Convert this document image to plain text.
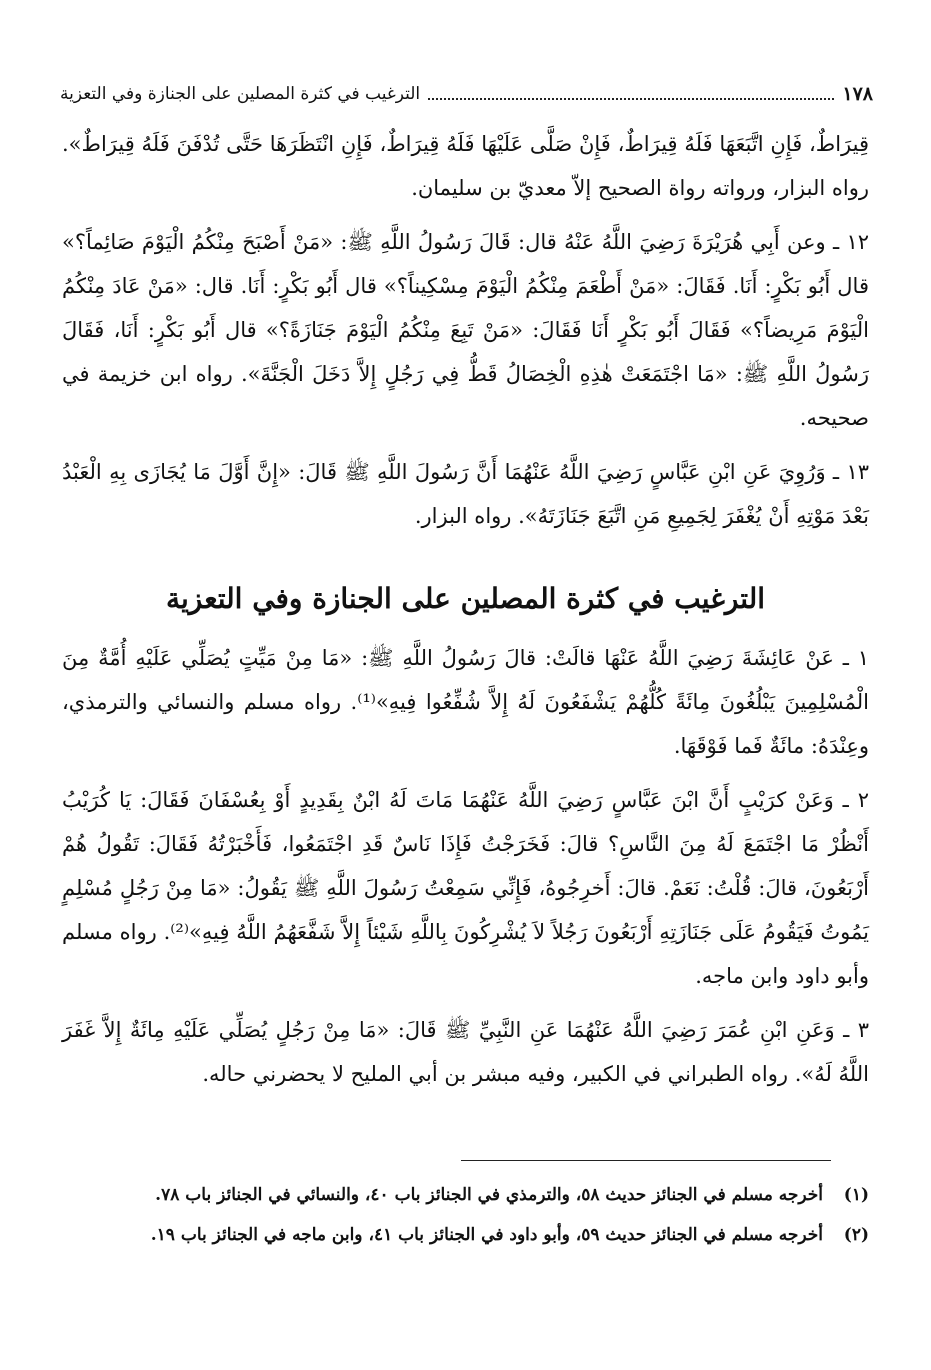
١٧٨
الترغيب في كثرة المصلين على الجنازة وفي التعزية

قِيرَاطٌ، فَإِنِ اتَّبَعَهَا فَلَهُ قِيرَاطٌ، فَإِنْ صَلَّى عَلَيْهَا فَلَهُ قِيرَاطٌ، فَإِنِ انْتَظَرَهَا حَتَّى تُدْفَنَ فَلَهُ قِيرَاطٌ». رواه البزار، ورواته رواة الصحيح إلاّ معديّ بن سليمان.

١٢ ـ وعن أَبِي هُرَيْرَةَ رَضِيَ اللَّهُ عَنْهُ قال: قَالَ رَسُولُ اللَّهِ ﷺ: «مَنْ أَصْبَحَ مِنْكُمُ الْيَوْمَ صَائِماً؟» قال أَبُو بَكْرٍ: أَنَا. فَقَالَ: «مَنْ أَطْعَمَ مِنْكُمُ الْيَوْمَ مِسْكِيناً؟» قال أَبُو بَكْرٍ: أَنَا. قال: «مَنْ عَادَ مِنْكُمُ الْيَوْمَ مَرِيضاً؟» فَقَالَ أَبُو بَكْرٍ أَنَا فَقَالَ: «مَنْ تَبِعَ مِنْكُمُ الْيَوْمَ جَنَازَةً؟» قال أَبُو بَكْرٍ: أَنَا، فَقَالَ رَسُولُ اللَّهِ ﷺ: «مَا اجْتَمَعَتْ هٰذِهِ الْخِصَالُ قَطُّ فِي رَجُلٍ إِلاَّ دَخَلَ الْجَنَّةَ». رواه ابن خزيمة في صحيحه.

١٣ ـ وَرُوِيَ عَنِ ابْنِ عَبَّاسٍ رَضِيَ اللَّهُ عَنْهُمَا أَنَّ رَسُولَ اللَّهِ ﷺ قَالَ: «إِنَّ أَوَّلَ مَا يُجَازَى بِهِ الْعَبْدُ بَعْدَ مَوْتِهِ أَنْ يُغْفَرَ لِجَمِيعِ مَنِ اتَّبَعَ جَنَازَتَهُ». رواه البزار.

الترغيب في كثرة المصلين على الجنازة وفي التعزية

١ ـ عَنْ عَائِشَةَ رَضِيَ اللَّهُ عَنْهَا قالَتْ: قالَ رَسُولُ اللَّهِ ﷺ: «مَا مِنْ مَيِّتٍ يُصَلِّي عَلَيْهِ أُمَّةٌ مِنَ الْمُسْلِمِينَ يَبْلُغُونَ مِائَةً كُلُّهُمْ يَشْفَعُونَ لَهُ إِلاَّ شُفِّعُوا فِيهِ»⁽¹⁾. رواه مسلم والنسائي والترمذي، وعِنْدَهُ: مائَةٌ فَما فَوْقَهَا.

٢ ـ وَعَنْ كرَيْبٍ أَنَّ ابْنَ عَبَّاسٍ رَضِيَ اللَّهُ عَنْهُمَا مَاتَ لَهُ ابْنٌ بِقَدِيدٍ أَوْ بِعُسْفَانَ فَقَالَ: يَا كُرَيْبُ أَنْظُرْ مَا اجْتَمَعَ لَهُ مِنَ النَّاسِ؟ قالَ: فَخَرَجْتُ فَإِذَا نَاسٌ قَدِ اجْتَمَعُوا، فَأَخْبَرْتُهُ فَقَالَ: تَقُولُ هُمْ أَرْبَعُونَ، قالَ: قُلْتُ: نَعَمْ. قالَ: أَخرِجُوهُ، فَإِنِّي سَمِعْتُ رَسُولَ اللَّهِ ﷺ يَقُولُ: «مَا مِنْ رَجُلٍ مُسْلِمٍ يَمُوتُ فَيَقُومُ عَلَى جَنَازَتِهِ أَرْبَعُونَ رَجُلاً لاَ يُشْرِكُونَ بِاللَّهِ شَيْئاً إِلاَّ شَفَّعَهُمُ اللَّهُ فِيهِ»⁽²⁾. رواه مسلم وأبو داود وابن ماجه.

٣ ـ وَعَنِ ابْنِ عُمَرَ رَضِيَ اللَّهُ عَنْهُمَا عَنِ النَّبِيِّ ﷺ قَالَ: «مَا مِنْ رَجُلٍ يُصَلِّي عَلَيْهِ مِائَةٌ إِلاَّ غَفَرَ اللَّهُ لَهُ». رواه الطبراني في الكبير، وفيه مبشر بن أبي المليح لا يحضرني حاله.

(١)
أخرجه مسلم في الجنائز حديث ٥٨، والترمذي في الجنائز باب ٤٠، والنسائي في الجنائز باب ٧٨.
(٢)
أخرجه مسلم في الجنائز حديث ٥٩، وأبو داود في الجنائز باب ٤١، وابن ماجه في الجنائز باب ١٩.
